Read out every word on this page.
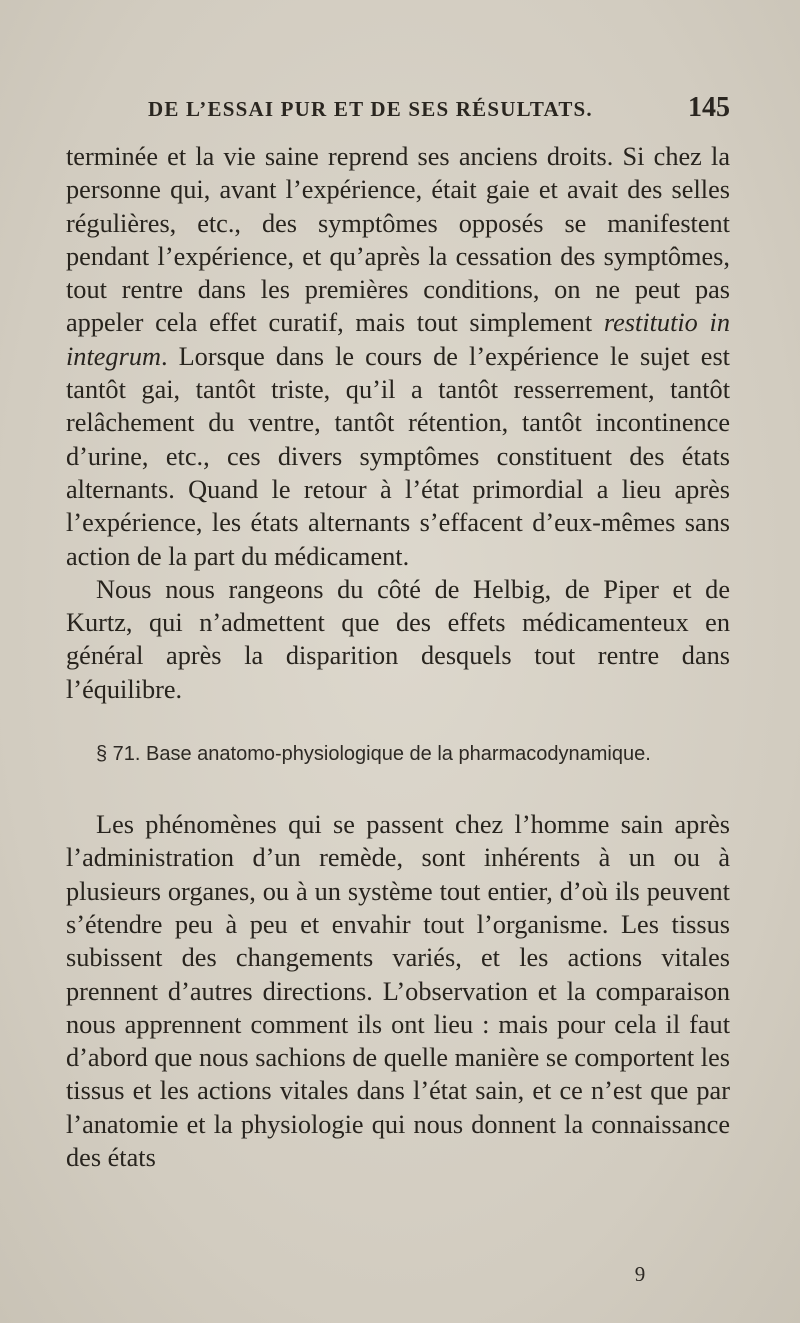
DE L’ESSAI PUR ET DE SES RÉSULTATS.	145

terminée et la vie saine reprend ses anciens droits. Si chez la personne qui, avant l’expérience, était gaie et avait des selles régulières, etc., des symptômes opposés se manifestent pendant l’expérience, et qu’après la cessation des symptômes, tout rentre dans les premières conditions, on ne peut pas appeler cela effet curatif, mais tout simplement restitutio in integrum. Lorsque dans le cours de l’expérience le sujet est tantôt gai, tantôt triste, qu’il a tantôt resserrement, tantôt relâchement du ventre, tantôt rétention, tantôt incontinence d’urine, etc., ces divers symptômes constituent des états alternants. Quand le retour à l’état primordial a lieu après l’expérience, les états alternants s’effacent d’eux-mêmes sans action de la part du médicament.

Nous nous rangeons du côté de Helbig, de Piper et de Kurtz, qui n’admettent que des effets médicamenteux en général après la disparition desquels tout rentre dans l’équilibre.

§ 71. Base anatomo-physiologique de la pharmacodynamique.

Les phénomènes qui se passent chez l’homme sain après l’administration d’un remède, sont inhérents à un ou à plusieurs organes, ou à un système tout entier, d’où ils peuvent s’étendre peu à peu et envahir tout l’organisme. Les tissus subissent des changements variés, et les actions vitales prennent d’autres directions. L’observation et la comparaison nous apprennent comment ils ont lieu : mais pour cela il faut d’abord que nous sachions de quelle manière se comportent les tissus et les actions vitales dans l’état sain, et ce n’est que par l’anatomie et la physiologie qui nous donnent la connaissance des états

9
